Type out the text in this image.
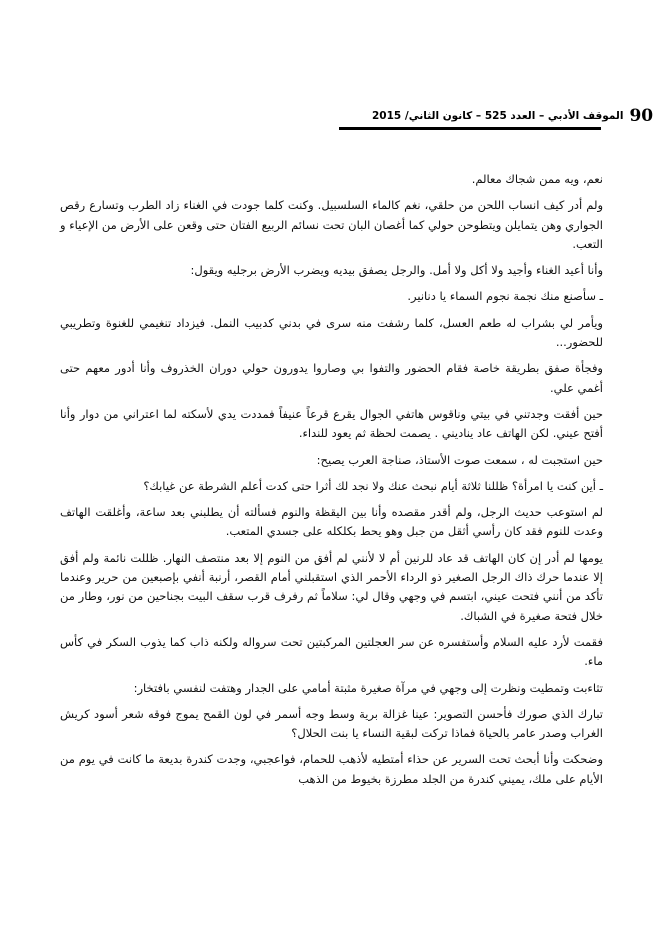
90
الموقف الأدبي – العدد 525 – كانون الثاني/ 2015

نعم، ويه ممن شجاك معالم.

ولم أدر كيف انساب اللحن من حلقي، نغم كالماء السلسبيل. وكنت كلما جودت في الغناء زاد الطرب وتسارع رقص الجواري وهن يتمايلن ويتطوحن حولي كما أغصان البان تحت نسائم الربيع الفتان حتى وقعن على الأرض من الإعياء و التعب.

وأنا أعيد الغناء وأجيد ولا أكل ولا أمل. والرجل يصفق بيديه ويضرب الأرض برجليه ويقول:

ـ سأصنع منك نجمة نجوم السماء يا دنانير.

ويأمر لي بشراب له طعم العسل، كلما رشفت منه سرى في بدني كدبيب النمل. فيزداد تنغيمي للغنوة وتطريبي للحضور...

وفجأة صفق بطريقة خاصة فقام الحضور والتفوا بي وصاروا يدورون حولي دوران الخذروف وأنا أدور معهم حتى أغمي علي.

حين أفقت وجدتني في بيتي وناقوس هاتفي الجوال يقرع قرعاً عنيفاً فمددت يدي لأسكته لما اعتراني من دوار وأنا أفتح عيني. لكن الهاتف عاد يناديني . يصمت لحظة ثم يعود للنداء.

حين استجبت له ، سمعت صوت الأستاذ، صناجة العرب يصيح:

ـ أين كنت يا امرأة؟ ظللنا ثلاثة أيام نبحث عنك ولا نجد لك أثرا حتى كدت أعلم الشرطة عن غيابك؟

لم استوعب حديث الرجل، ولم أقدر مقصده وأنا بين اليقظة والنوم فسألته أن يطلبني بعد ساعة، وأغلقت الهاتف وعدت للنوم فقد كان رأسي أثقل من جبل وهو يحط بكلكله على جسدي المتعب.

يومها لم أدر إن كان الهاتف قد عاد للرنين أم لا لأنني لم أفق من النوم إلا بعد منتصف النهار. ظللت نائمة ولم أفق إلا عندما حرك ذاك الرجل الصغير ذو الرداء الأحمر الذي استقبلني أمام القصر، أرنبة أنفي بإصبعين من حرير وعندما تأكد من أنني فتحت عيني، ابتسم في وجهي وقال لي: سلاماً ثم رفرف قرب سقف البيت بجناحين من نور، وطار من خلال فتحة صغيرة في الشباك.

فقمت لأرد عليه السلام وأستفسره عن سر العجلتين المركبتين تحت سرواله ولكنه ذاب كما يذوب السكر في كأس ماء.

تثاءبت وتمطيت ونظرت إلى وجهي في مرآة صغيرة مثبتة أمامي على الجدار وهتفت لنفسي بافتخار:

تبارك الذي صورك فأحسن التصوير: عينا غزالة برية وسط وجه أسمر في لون القمح يموج فوقه شعر أسود كريش الغراب وصدر عامر بالحياة فماذا تركت لبقية النساء يا بنت الحلال؟

وضحكت وأنا أبحث تحت السرير عن حذاء أمتطيه لأذهب للحمام، فواعجبي، وجدت كندرة بديعة ما كانت في يوم من الأيام على ملك، يميني كندرة من الجلد مطرزة بخيوط من الذهب
